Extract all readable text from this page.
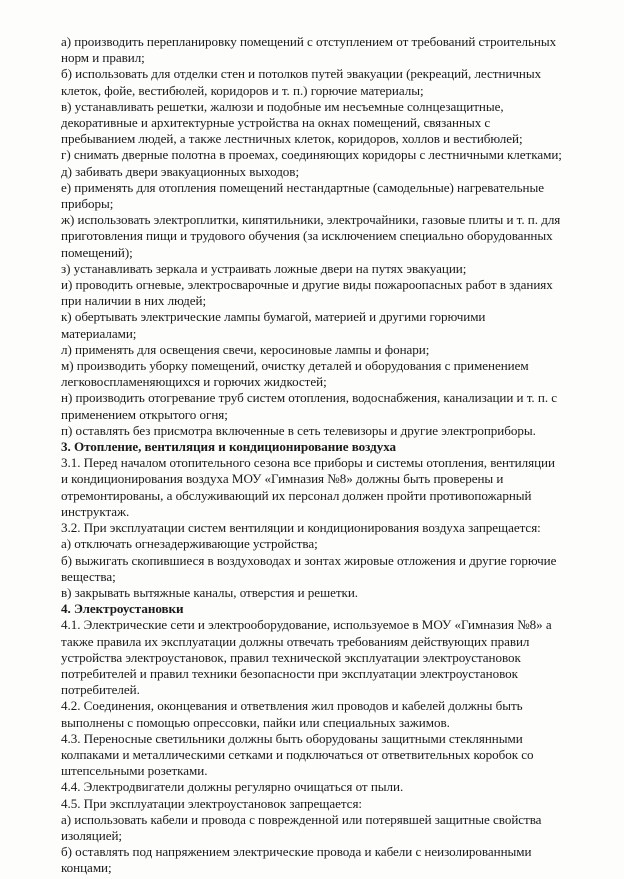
а) производить перепланировку помещений с отступлением от требований строительных
норм и правил;
б) использовать для отделки стен и потолков путей эвакуации (рекреаций, лестничных
клеток, фойе, вестибюлей, коридоров и т. п.) горючие материалы;
в) устанавливать решетки, жалюзи и подобные им несъемные солнцезащитные,
декоративные и архитектурные устройства на окнах помещений, связанных с
пребыванием людей, а также лестничных клеток, коридоров, холлов и вестибюлей;
г) снимать дверные полотна в проемах, соединяющих коридоры с лестничными клетками;
д) забивать двери эвакуационных выходов;
е) применять для отопления помещений нестандартные (самодельные) нагревательные
приборы;
ж) использовать электроплитки, кипятильники, электрочайники, газовые плиты и т. п. для
приготовления пищи и трудового обучения (за исключением специально оборудованных
помещений);
з) устанавливать зеркала и устраивать ложные двери на путях эвакуации;
и) проводить огневые, электросварочные и другие виды пожароопасных работ в зданиях
при наличии в них людей;
к) обертывать электрические лампы бумагой, материей и другими горючими
материалами;
л) применять для освещения свечи, керосиновые лампы и фонари;
м) производить уборку помещений, очистку деталей и оборудования с применением
легковоспламеняющихся и горючих жидкостей;
н) производить отогревание труб систем отопления, водоснабжения, канализации и т. п. с
применением открытого огня;
п) оставлять без присмотра включенные в сеть телевизоры и другие электроприборы.
3. Отопление, вентиляция и кондиционирование воздуха
3.1. Перед началом отопительного сезона все приборы и системы отопления, вентиляции
и кондиционирования воздуха МОУ «Гимназия №8» должны быть проверены и
отремонтированы, а обслуживающий их персонал должен пройти противопожарный
инструктаж.
3.2. При эксплуатации систем вентиляции и кондиционирования воздуха запрещается:
а) отключать огнезадерживающие устройства;
б) выжигать скопившиеся в воздуховодах и зонтах жировые отложения и другие горючие
вещества;
в) закрывать вытяжные каналы, отверстия и решетки.
4. Электроустановки
4.1. Электрические сети и электрооборудование, используемое в МОУ «Гимназия №8» а
также правила их эксплуатации должны отвечать требованиям действующих правил
устройства электроустановок, правил технической эксплуатации электроустановок
потребителей и правил техники безопасности при эксплуатации электроустановок
потребителей.
4.2. Соединения, оконцевания и ответвления жил проводов и кабелей должны быть
выполнены с помощью опрессовки, пайки или специальных зажимов.
4.3. Переносные светильники должны быть оборудованы защитными стеклянными
колпаками и металлическими сетками и подключаться от ответвительных коробок со
штепсельными розетками.
4.4. Электродвигатели должны регулярно очищаться от пыли.
4.5. При эксплуатации электроустановок запрещается:
а) использовать кабели и провода с поврежденной или потерявшей защитные свойства
изоляцией;
б) оставлять под напряжением электрические провода и кабели с неизолированными
концами;
